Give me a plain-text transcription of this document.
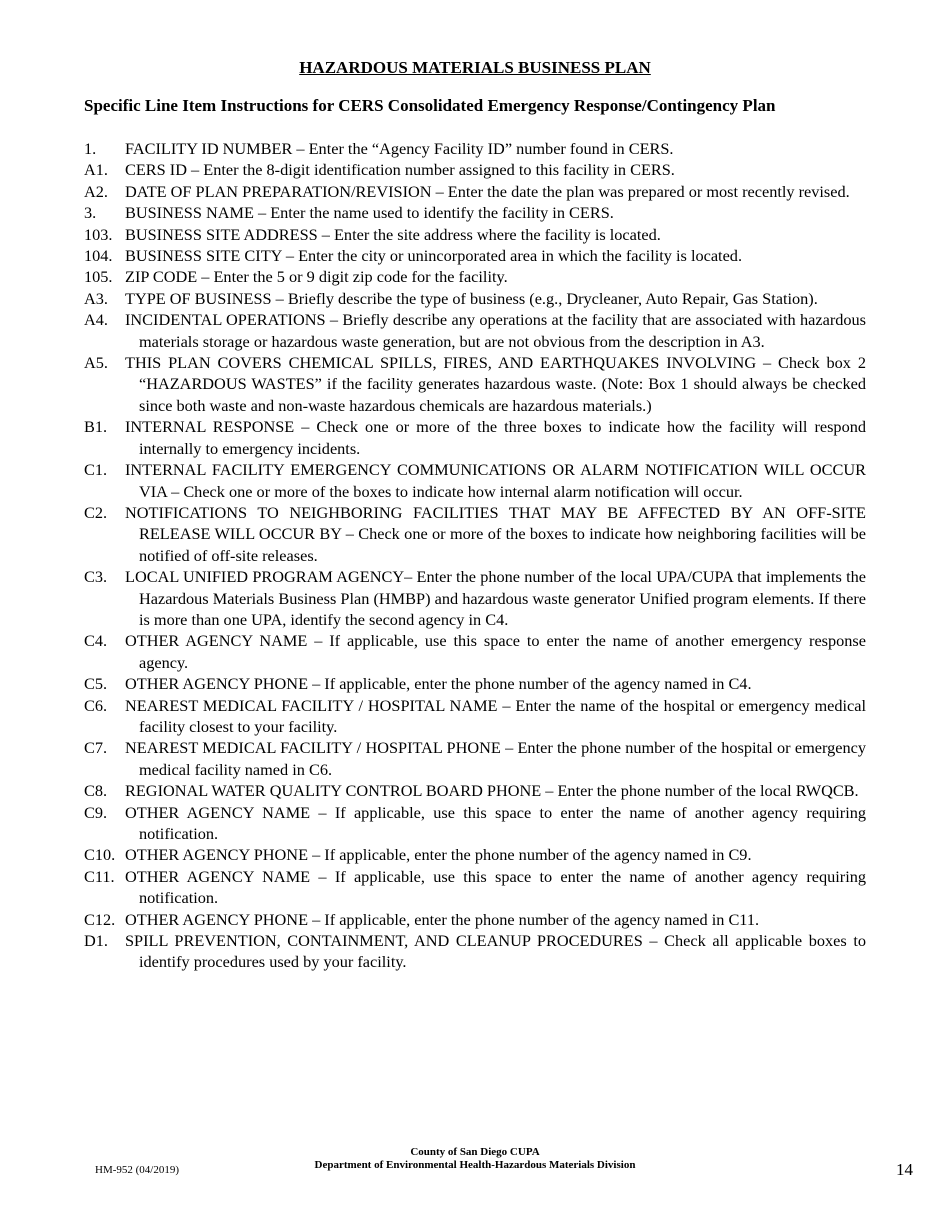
HAZARDOUS MATERIALS BUSINESS PLAN
Specific Line Item Instructions for CERS Consolidated Emergency Response/Contingency Plan
1. FACILITY ID NUMBER – Enter the “Agency Facility ID” number found in CERS.
A1. CERS ID – Enter the 8-digit identification number assigned to this facility in CERS.
A2. DATE OF PLAN PREPARATION/REVISION – Enter the date the plan was prepared or most recently revised.
3. BUSINESS NAME – Enter the name used to identify the facility in CERS.
103. BUSINESS SITE ADDRESS – Enter the site address where the facility is located.
104. BUSINESS SITE CITY – Enter the city or unincorporated area in which the facility is located.
105. ZIP CODE – Enter the 5 or 9 digit zip code for the facility.
A3. TYPE OF BUSINESS – Briefly describe the type of business (e.g., Drycleaner, Auto Repair, Gas Station).
A4. INCIDENTAL OPERATIONS – Briefly describe any operations at the facility that are associated with hazardous materials storage or hazardous waste generation, but are not obvious from the description in A3.
A5. THIS PLAN COVERS CHEMICAL SPILLS, FIRES, AND EARTHQUAKES INVOLVING – Check box 2 “HAZARDOUS WASTES” if the facility generates hazardous waste. (Note: Box 1 should always be checked since both waste and non-waste hazardous chemicals are hazardous materials.)
B1. INTERNAL RESPONSE – Check one or more of the three boxes to indicate how the facility will respond internally to emergency incidents.
C1. INTERNAL FACILITY EMERGENCY COMMUNICATIONS OR ALARM NOTIFICATION WILL OCCUR VIA – Check one or more of the boxes to indicate how internal alarm notification will occur.
C2. NOTIFICATIONS TO NEIGHBORING FACILITIES THAT MAY BE AFFECTED BY AN OFF-SITE RELEASE WILL OCCUR BY – Check one or more of the boxes to indicate how neighboring facilities will be notified of off-site releases.
C3. LOCAL UNIFIED PROGRAM AGENCY– Enter the phone number of the local UPA/CUPA that implements the Hazardous Materials Business Plan (HMBP) and hazardous waste generator Unified program elements. If there is more than one UPA, identify the second agency in C4.
C4. OTHER AGENCY NAME – If applicable, use this space to enter the name of another emergency response agency.
C5. OTHER AGENCY PHONE – If applicable, enter the phone number of the agency named in C4.
C6. NEAREST MEDICAL FACILITY / HOSPITAL NAME – Enter the name of the hospital or emergency medical facility closest to your facility.
C7. NEAREST MEDICAL FACILITY / HOSPITAL PHONE – Enter the phone number of the hospital or emergency medical facility named in C6.
C8. REGIONAL WATER QUALITY CONTROL BOARD PHONE – Enter the phone number of the local RWQCB.
C9. OTHER AGENCY NAME – If applicable, use this space to enter the name of another agency requiring notification.
C10. OTHER AGENCY PHONE – If applicable, enter the phone number of the agency named in C9.
C11. OTHER AGENCY NAME – If applicable, use this space to enter the name of another agency requiring notification.
C12. OTHER AGENCY PHONE – If applicable, enter the phone number of the agency named in C11.
D1. SPILL PREVENTION, CONTAINMENT, AND CLEANUP PROCEDURES – Check all applicable boxes to identify procedures used by your facility.
County of San Diego CUPA
Department of Environmental Health-Hazardous Materials Division
HM-952 (04/2019)	14
